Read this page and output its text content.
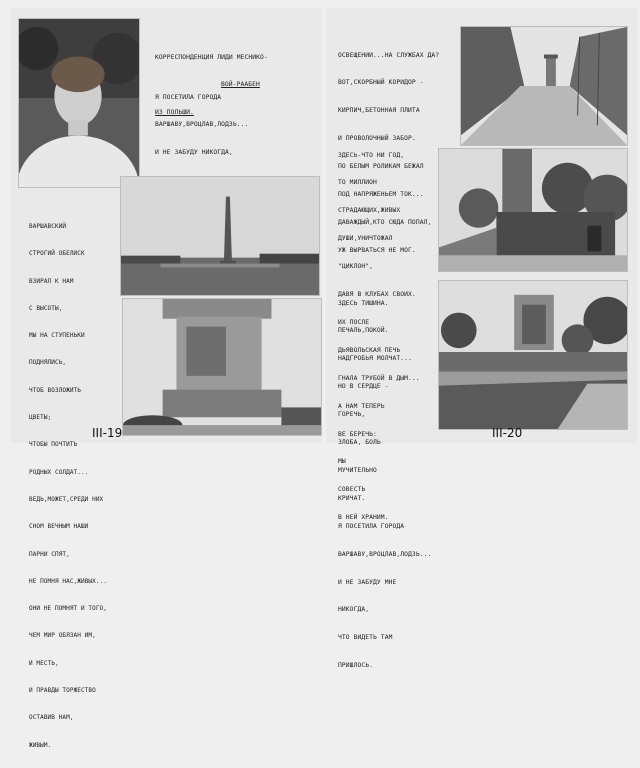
КОРРЕСПОНДЕНЦИЯ ЛИДИ МЕСНИКО-

ВОЙ-РААБЕН

ИЗ ПОЛЬШИ.

Я ПОСЕТИЛА ГОРОДА

ВАРШАВУ,ВРОЦЛАВ,ЛОДЗЬ...

И НЕ ЗАБУДУ НИКОГДА,

ВАРШАВСКИЙ

СТРОГИЙ ОБЕЛИСК

ВЗИРАЛ К НАМ

С ВЫСОТЫ,

МЫ НА СТУПЕНЬКИ

ПОДНЯЛИСЬ,

ЧТОБ ВОЗЛОЖИТЬ

ЦВЕТЫ;

ЧТОБЫ ПОЧТИТЬ

РОДНЫХ СОЛДАТ...

ВЕДЬ,МОЖЕТ,СРЕДИ НИХ

СНОМ ВЕЧНЫМ НАШИ

ПАРНИ СПЯТ,

НЕ ПОМНЯ НАС,ЖИВЫХ...

ОНИ НЕ ПОМНЯТ И ТОГО,

ЧЕМ МИР ОБЯЗАН ИМ,

И МЕСТЬ,

И ПРАВДЫ ТОРЖЕСТВО

ОСТАВИВ НАМ,

ЖИВЫМ.

III-19

ОСВЕЩЕНИИ...НА СЛУЖБАХ ДА?

ВОТ,СКОРБНЫЙ КОРИДОР -

КИРПИЧ,БЕТОННАЯ ПЛИТА

И ПРОВОЛОЧНЫЙ ЗАБОР.

ПО БЕЛЫМ РОЛИКАМ БЕЖАЛ

ПОД НАПРЯЖЕНЬЕМ ТОК...

ДАВАЖДЫЙ,КТО СЮДА ПОПАЛ,

УЖ ВЫРВАТЬСЯ НЕ МОГ.

ЗДЕСЬ-ЧТО НИ ГОД,

ТО МИЛЛИОН

СТРАДАЮЩИХ,ЖИВЫХ

ДУШИ,УНИЧТОЖАЛ

"ЦИКЛОН",

ДАВЯ В КЛУБАХ СВОИХ.

ИХ ПОСЛЕ

ДЬЯВОЛЬСКАЯ ПЕЧЬ

ГНАЛА ТРУБОЙ В ДЫМ...

А НАМ ТЕПЕРЬ

ВЕ БЕРЕЧЬ:

МЫ

СОВЕСТЬ

В НЕЙ ХРАНИМ.

ЗДЕСЬ ТИШИНА.

ПЕЧАЛЬ,ПОКОЙ.

НАДГРОБЬЯ МОЛЧАТ...

НО В СЕРДЦЕ -

ГОРЕЧЬ,

ЗЛОБА, БОЛЬ

МУЧИТЕЛЬНО

КРИЧАТ.

Я ПОСЕТИЛА ГОРОДА

ВАРШАВУ,ВРОЦЛАВ,ЛОДЗЬ...

И НЕ ЗАБУДУ МНЕ

НИКОГДА,

ЧТО ВИДЕТЬ ТАМ

ПРИШЛОСЬ.

III-20
